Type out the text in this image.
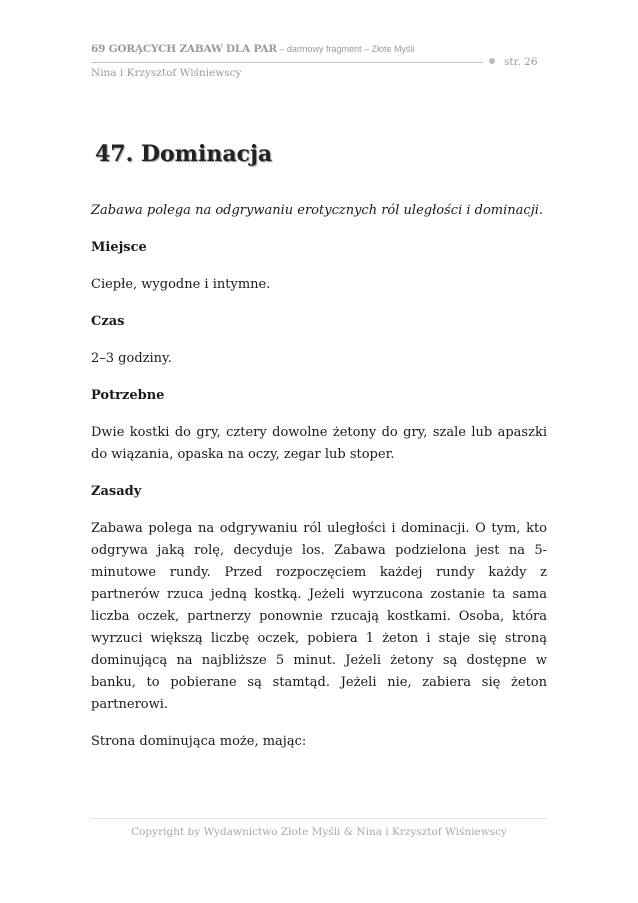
69 GORĄCYCH ZABAW DLA PAR – darmowy fragment – Złote Myśli
Nina i Krzysztof Wiśniewscy
str. 26
47. Dominacja

Zabawa polega na odgrywaniu erotycznych ról uległości i dominacji.

Miejsce

Ciepłe, wygodne i intymne.

Czas

2–3 godziny.

Potrzebne

Dwie kostki do gry, cztery dowolne żetony do gry, szale lub apaszki do wiązania, opaska na oczy, zegar lub stoper.

Zasady

Zabawa polega na odgrywaniu ról uległości i dominacji. O tym, kto odgrywa jaką rolę, decyduje los. Zabawa podzielona jest na 5-minutowe rundy. Przed rozpoczęciem każdej rundy każdy z partnerów rzuca jedną kostką. Jeżeli wyrzucona zostanie ta sama liczba oczek, partnerzy ponownie rzucają kostkami. Osoba, która wyrzuci większą liczbę oczek, pobiera 1 żeton i staje się stroną dominującą na najbliższe 5 minut. Jeżeli żetony są dostępne w banku, to pobierane są stamtąd. Jeżeli nie, zabiera się żeton partnerowi.

Strona dominująca może, mając:

Copyright by Wydawnictwo Złote Myśli & Nina i Krzysztof Wiśniewscy
